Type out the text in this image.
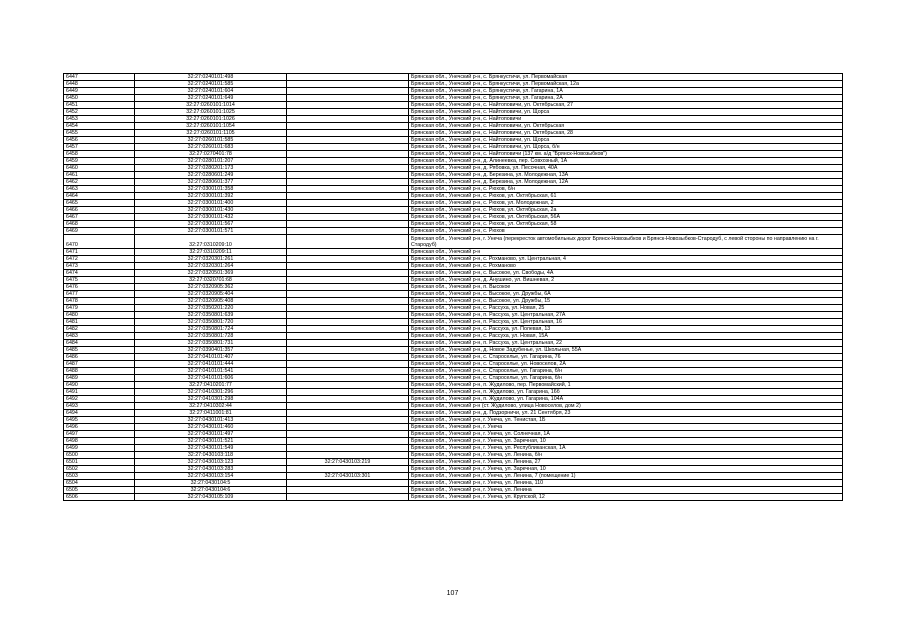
6447	32:27:0240101:498		Брянская обл., Унечский р-н, с. Брянкустичи, ул. Первомайская
6448	32:27:0240101:585		Брянская обл., Унечский р-н, с. Брянкустичи, ул. Первомайская, 12а
6449	32:27:0240101:604		Брянская обл., Унечский р-н, с. Брянкустичи, ул. Гагарина, 1А
6450	32:27:0240101:649		Брянская обл., Унечский р-н, с. Брянкустичи, ул. Гагарина, 2А
6451	32:27:0260101:1014		Брянская обл., Унечский р-н, с. Найтоповичи, ул. Октябрьская, 27
6452	32:27:0260101:1025		Брянская обл., Унечский р-н, с. Найтоповичи, ул. Щорса
6453	32:27:0260101:1026		Брянская обл., Унечский р-н, с. Найтоповичи
6454	32:27:0260101:1054		Брянская обл., Унечский р-н, с. Найтоповичи, ул. Октябрьская
6455	32:27:0260101:1105		Брянская обл., Унечский р-н, с. Найтоповичи, ул. Октябрьская, 28
6456	32:27:0260101:585		Брянская обл., Унечский р-н, с. Найтоповичи, ул. Щорса
6457	32:27:0260101:683		Брянская обл., Унечский р-н, с. Найтоповичи, ул. Щорса, б/н
6458	32:27:0270401:78		Брянская обл., Унечский р-н, с. Найтоповичи (137 км. а/д "Брянск-Новозыбков")
6459	32:27:0280101:207		Брянская обл., Унечский р-н, д. Алинеевка, пер. Совхозный, 1А
6460	32:27:0280201:173		Брянская обл., Унечский р-н, д. Рябовка, ул. Песочная, 40А
6461	32:27:0280601:249		Брянская обл., Унечский р-н, д. Березина, ул. Молодежная, 13А
6462	32:27:0280601:377		Брянская обл., Унечский р-н, д. Березина, ул. Молодежная, 12А
6463	32:27:0300101:358		Брянская обл., Унечский р-н, с. Рюхов, б/н
6464	32:27:0300101:392		Брянская обл., Унечский р-н, с. Рюхов, ул. Октябрьская, 61
6465	32:27:0300101:400		Брянская обл., Унечский р-н, с. Рюхов, ул. Молодежная, 2
6466	32:27:0300101:430		Брянская обл., Унечский р-н, с. Рюхов, ул. Октябрьская, 2а
6467	32:27:0300101:432		Брянская обл., Унечский р-н, с. Рюхов, ул. Октябрьская, 56А
6468	32:27:0300101:567		Брянская обл., Унечский р-н, с. Рюхов, ул. Октябрьская, 58
6469	32:27:0300101:571		Брянская обл., Унечский р-н, с. Рюхов
6470	32:27:0310209:10		Брянская обл., Унечский р-н, г. Унеча (перекресток автомобильных дорог Брянск-Новозыбков и Брянск-Новозыбков-Стародуб, с левой стороны по направлению на г. Стародуб)
6471	32:27:0310209:11		Брянская обл., Унечский р-н
6472	32:27:0320301:261		Брянская обл., Унечский р-н, с. Рохманово, ул. Центральная, 4
6473	32:27:0320301:264		Брянская обл., Унечский р-н, с. Рохманово
6474	32:27:0320501:369		Брянская обл., Унечский р-н, с. Высокое, ул. Свободы, 4А
6475	32:27:0320701:68		Брянская обл., Унечский р-н, д. Анушино, ул. Вишневая, 2
6476	32:27:0320905:362		Брянская обл., Унечский р-н, п. Высокое
6477	32:27:0320905:404		Брянская обл., Унечский р-н, с. Высокое, ул. Дружбы, 6А
6478	32:27:0320905:408		Брянская обл., Унечский р-н, с. Высокое, ул. Дружбы, 15
6479	32:27:0350201:220		Брянская обл., Унечский р-н, с. Рассуха, ул. Новая, 25
6480	32:27:0350801:639		Брянская обл., Унечский р-н, п. Рассуха, ул. Центральная, 27А
6481	32:27:0350801:720		Брянская обл., Унечский р-н, п. Рассуха, ул. Центральная, 16
6482	32:27:0350801:724		Брянская обл., Унечский р-н, с. Рассуха, ул. Полевая, 13
6483	32:27:0350801:728		Брянская обл., Унечский р-н, с. Рассуха, ул. Новая, 15А
6484	32:27:0350801:731		Брянская обл., Унечский р-н, п. Рассуха, ул. Центральная, 22
6485	32:27:0390401:357		Брянская обл., Унечский р-н, д. Новое Задубенье, ул. Школьная, 55А
6486	32:27:0410101:407		Брянская обл., Унечский р-н, с. Старосельe, ул. Гагарина, 76
6487	32:27:0410101:444		Брянская обл., Унечский р-н, с. Старосельe, ул. Новоселов, 2А
6488	32:27:0410101:541		Брянская обл., Унечский р-н, с. Старосельe, ул. Гагарина, б/н
6489	32:27:0410101:606		Брянская обл., Унечский р-н, с. Старосельe, ул. Гагарина, б/н
6490	32:27:0410201:77		Брянская обл., Унечский р-н, п. Жудилово, пер. Первомайский, 1
6491	32:27:0410301:296		Брянская обл., Унечский р-н, п. Жудилово, ул. Гагарина, 16б
6492	32:27:0410301:298		Брянская обл., Унечский р-н, п. Жудилово, ул. Гагарина, 104А
6493	32:27:0410302:44		Брянская обл., Унечский р-н (ст. Жудилово, улица Новоселов, дом 2)
6494	32:27:0411001:81		Брянская обл., Унечский р-н, д. Подзорничи, ул. 21 Сентября, 23
6495	32:27:0430101:413		Брянская обл., Унечский р-н, г. Унеча, ул. Тенистая, 1Б
6496	32:27:0430101:460		Брянская обл., Унечский р-н, г. Унеча
6497	32:27:0430101:497		Брянская обл., Унечский р-н, г. Унеча, ул. Солнечная, 1А
6498	32:27:0430101:521		Брянская обл., Унечский р-н, г. Унеча, ул. Заречная, 10
6499	32:27:0430101:549		Брянская обл., Унечский р-н, г. Унеча, ул. Республиканская, 1А
6500	32:27:0430103:118		Брянская обл., Унечский р-н, г. Унеча, ул. Ленина, б/н
6501	32:27:0430103:123	32:27:0430103:219	Брянская обл., Унечский р-н, г. Унеча, ул. Ленина, 27
6502	32:27:0430103:283		Брянская обл., Унечский р-н, г. Унеча, ул. Заречная, 10
6503	32:27:0430103:154	32:27:0430103:301	Брянская обл., Унечский р-н, г. Унеча, ул. Ленина, 7 (помещение 1)
6504	32:27:0430104:5		Брянская обл., Унечский р-н, г. Унеча, ул. Ленина, 110
6505	32:27:0430104:6		Брянская обл., Унечский р-н, г. Унеча, ул. Ленина
6506	32:27:0430105:109		Брянская обл., Унечский р-н, г. Унеча, ул. Крупской, 12
107
